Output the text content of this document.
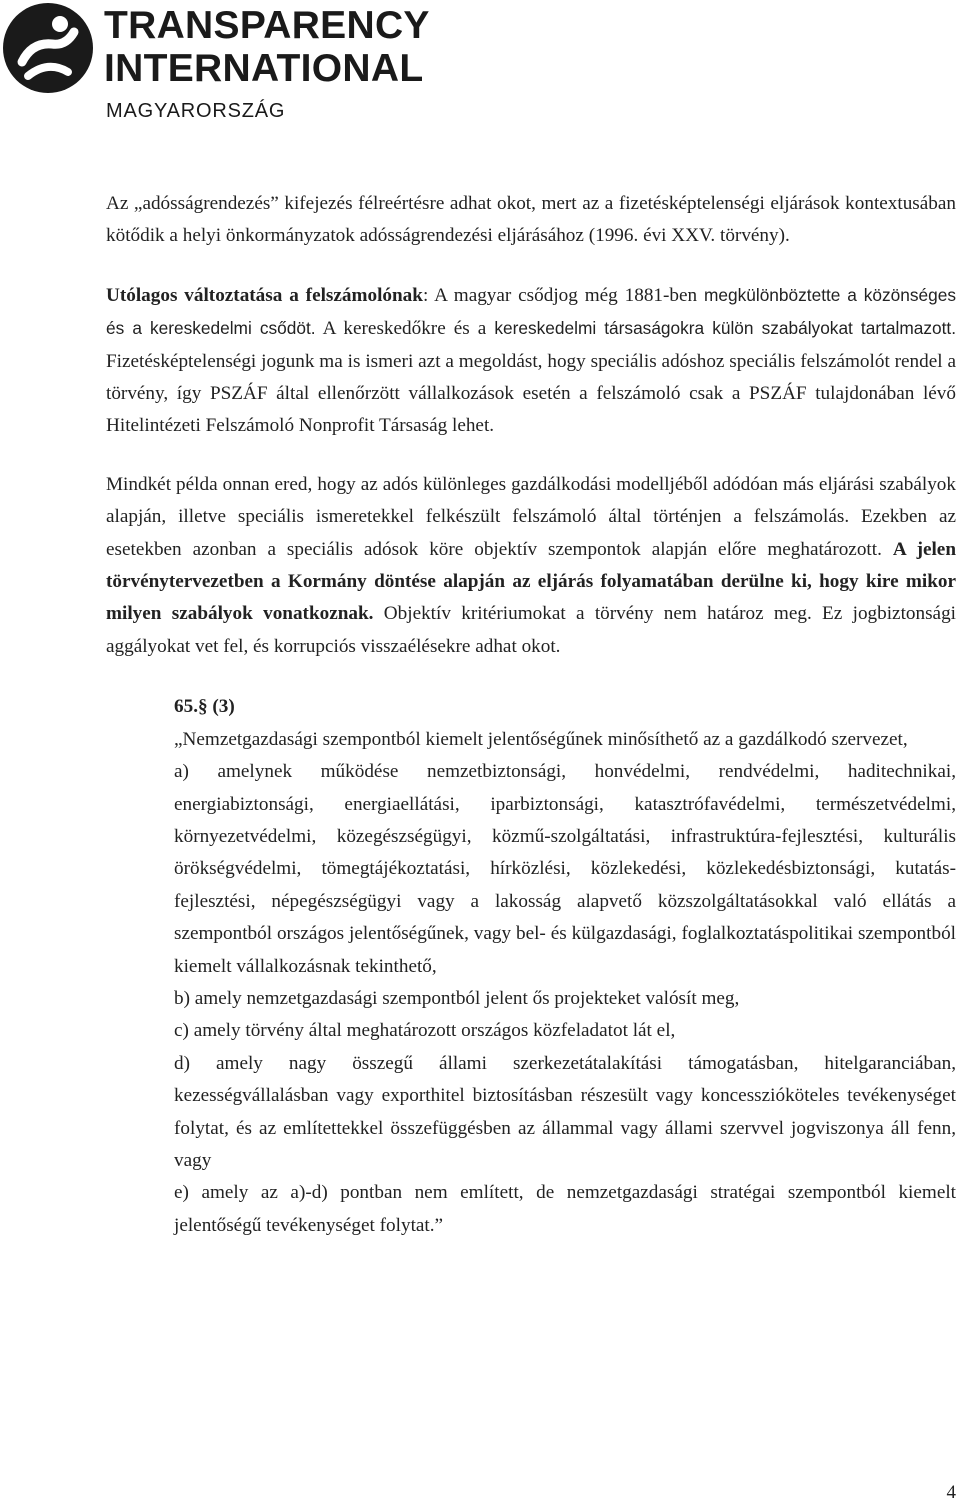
TRANSPARENCY
INTERNATIONAL
MAGYARORSZÁG

Az „adósságrendezés” kifejezés félreértésre adhat okot, mert az a fizetésképtelenségi eljárások kontextusában kötődik a helyi önkormányzatok adósságrendezési eljárásához (1996. évi XXV. törvény).

Utólagos változtatása a felszámolónak: A magyar csődjog még 1881-ben megkülönböztette a közönséges és a kereskedelmi csődöt. A kereskedőkre és a kereskedelmi társaságokra külön szabályokat tartalmazott. Fizetésképtelenségi jogunk ma is ismeri azt a megoldást, hogy speciális adóshoz speciális felszámolót rendel a törvény, így PSZÁF által ellenőrzött vállalkozások esetén a felszámoló csak a PSZÁF tulajdonában lévő Hitelintézeti Felszámoló Nonprofit Társaság lehet.

Mindkét példa onnan ered, hogy az adós különleges gazdálkodási modelljéből adódóan más eljárási szabályok alapján, illetve speciális ismeretekkel felkészült felszámoló által történjen a felszámolás. Ezekben az esetekben azonban a speciális adósok köre objektív szempontok alapján előre meghatározott. A jelen törvénytervezetben a Kormány döntése alapján az eljárás folyamatában derülne ki, hogy kire mikor milyen szabályok vonatkoznak. Objektív kritériumokat a törvény nem határoz meg. Ez jogbiztonsági aggályokat vet fel, és korrupciós visszaélésekre adhat okot.

65.§ (3)

„Nemzetgazdasági szempontból kiemelt jelentőségűnek minősíthető az a gazdálkodó szervezet,

a) amelynek működése nemzetbiztonsági, honvédelmi, rendvédelmi, haditechnikai, energiabiztonsági, energiaellátási, iparbiztonsági, katasztrófavédelmi, természetvédelmi, környezetvédelmi, közegészségügyi, közmű-szolgáltatási, infrastruktúra-fejlesztési, kulturális örökségvédelmi, tömegtájékoztatási, hírközlési, közlekedési, közlekedésbiztonsági, kutatás-fejlesztési, népegészségügyi vagy a lakosság alapvető közszolgáltatásokkal való ellátás a szempontból országos jelentőségűnek, vagy bel- és külgazdasági, foglalkoztatáspolitikai szempontból kiemelt vállalkozásnak tekinthető,

b) amely nemzetgazdasági szempontból jelent ős projekteket valósít meg,

c) amely törvény által meghatározott országos közfeladatot lát el,

d) amely nagy összegű állami szerkezetátalakítási támogatásban, hitelgaranciában, kezességvállalásban vagy exporthitel biztosításban részesült vagy koncesszióköteles tevékenységet folytat, és az említettekkel összefüggésben az állammal vagy állami szervvel jogviszonya áll fenn, vagy

e) amely az a)-d) pontban nem említett, de nemzetgazdasági stratégai szempontból kiemelt jelentőségű tevékenységet folytat.”

4
